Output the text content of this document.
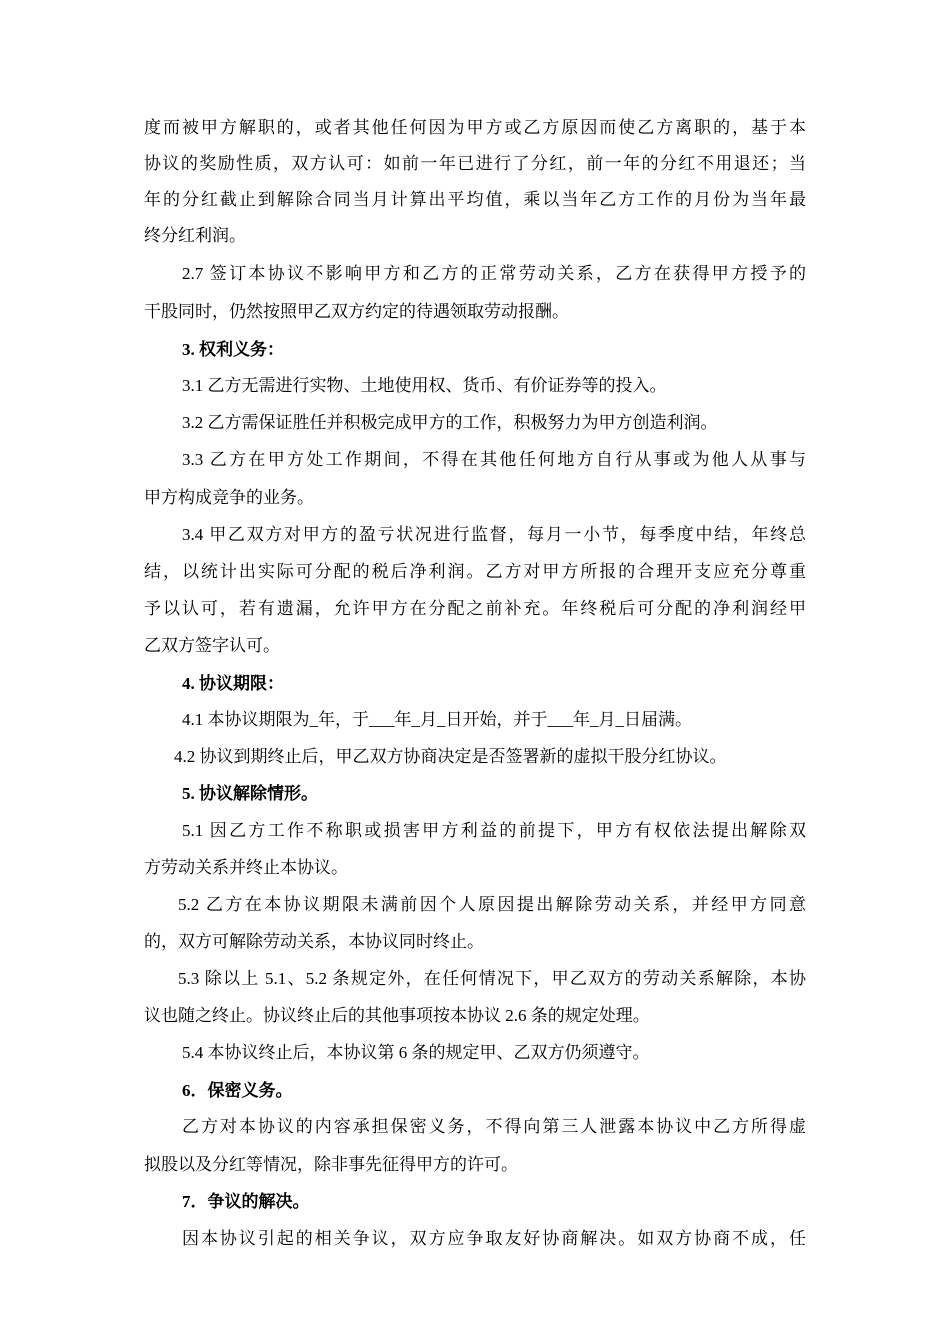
度而被甲方解职的，或者其他任何因为甲方或乙方原因而使乙方离职的，基于本
协议的奖励性质，双方认可：如前一年已进行了分红，前一年的分红不用退还；当
年的分红截止到解除合同当月计算出平均值，乘以当年乙方工作的月份为当年最
终分红利润。
2.7 签订本协议不影响甲方和乙方的正常劳动关系，乙方在获得甲方授予的
干股同时，仍然按照甲乙双方约定的待遇领取劳动报酬。
3. 权利义务：
3.1 乙方无需进行实物、土地使用权、货币、有价证券等的投入。
3.2 乙方需保证胜任并积极完成甲方的工作，积极努力为甲方创造利润。
3.3 乙方在甲方处工作期间，不得在其他任何地方自行从事或为他人从事与
甲方构成竞争的业务。
3.4 甲乙双方对甲方的盈亏状况进行监督，每月一小节，每季度中结，年终总
结，以统计出实际可分配的税后净利润。乙方对甲方所报的合理开支应充分尊重
予以认可，若有遗漏，允许甲方在分配之前补充。年终税后可分配的净利润经甲
乙双方签字认可。
4. 协议期限：
4.1 本协议期限为_年，于___年_月_日开始，并于___年_月_日届满。
4.2 协议到期终止后，甲乙双方协商决定是否签署新的虚拟干股分红协议。
5. 协议解除情形。
5.1 因乙方工作不称职或损害甲方利益的前提下，甲方有权依法提出解除双
方劳动关系并终止本协议。
5.2 乙方在本协议期限未满前因个人原因提出解除劳动关系，并经甲方同意
的，双方可解除劳动关系，本协议同时终止。
5.3 除以上 5.1、5.2 条规定外，在任何情况下，甲乙双方的劳动关系解除，本协
议也随之终止。协议终止后的其他事项按本协议 2.6 条的规定处理。
5.4 本协议终止后，本协议第 6 条的规定甲、乙双方仍须遵守。
6．保密义务。
乙方对本协议的内容承担保密义务，不得向第三人泄露本协议中乙方所得虚
拟股以及分红等情况，除非事先征得甲方的许可。
7．争议的解决。
因本协议引起的相关争议，双方应争取友好协商解决。如双方协商不成，任
